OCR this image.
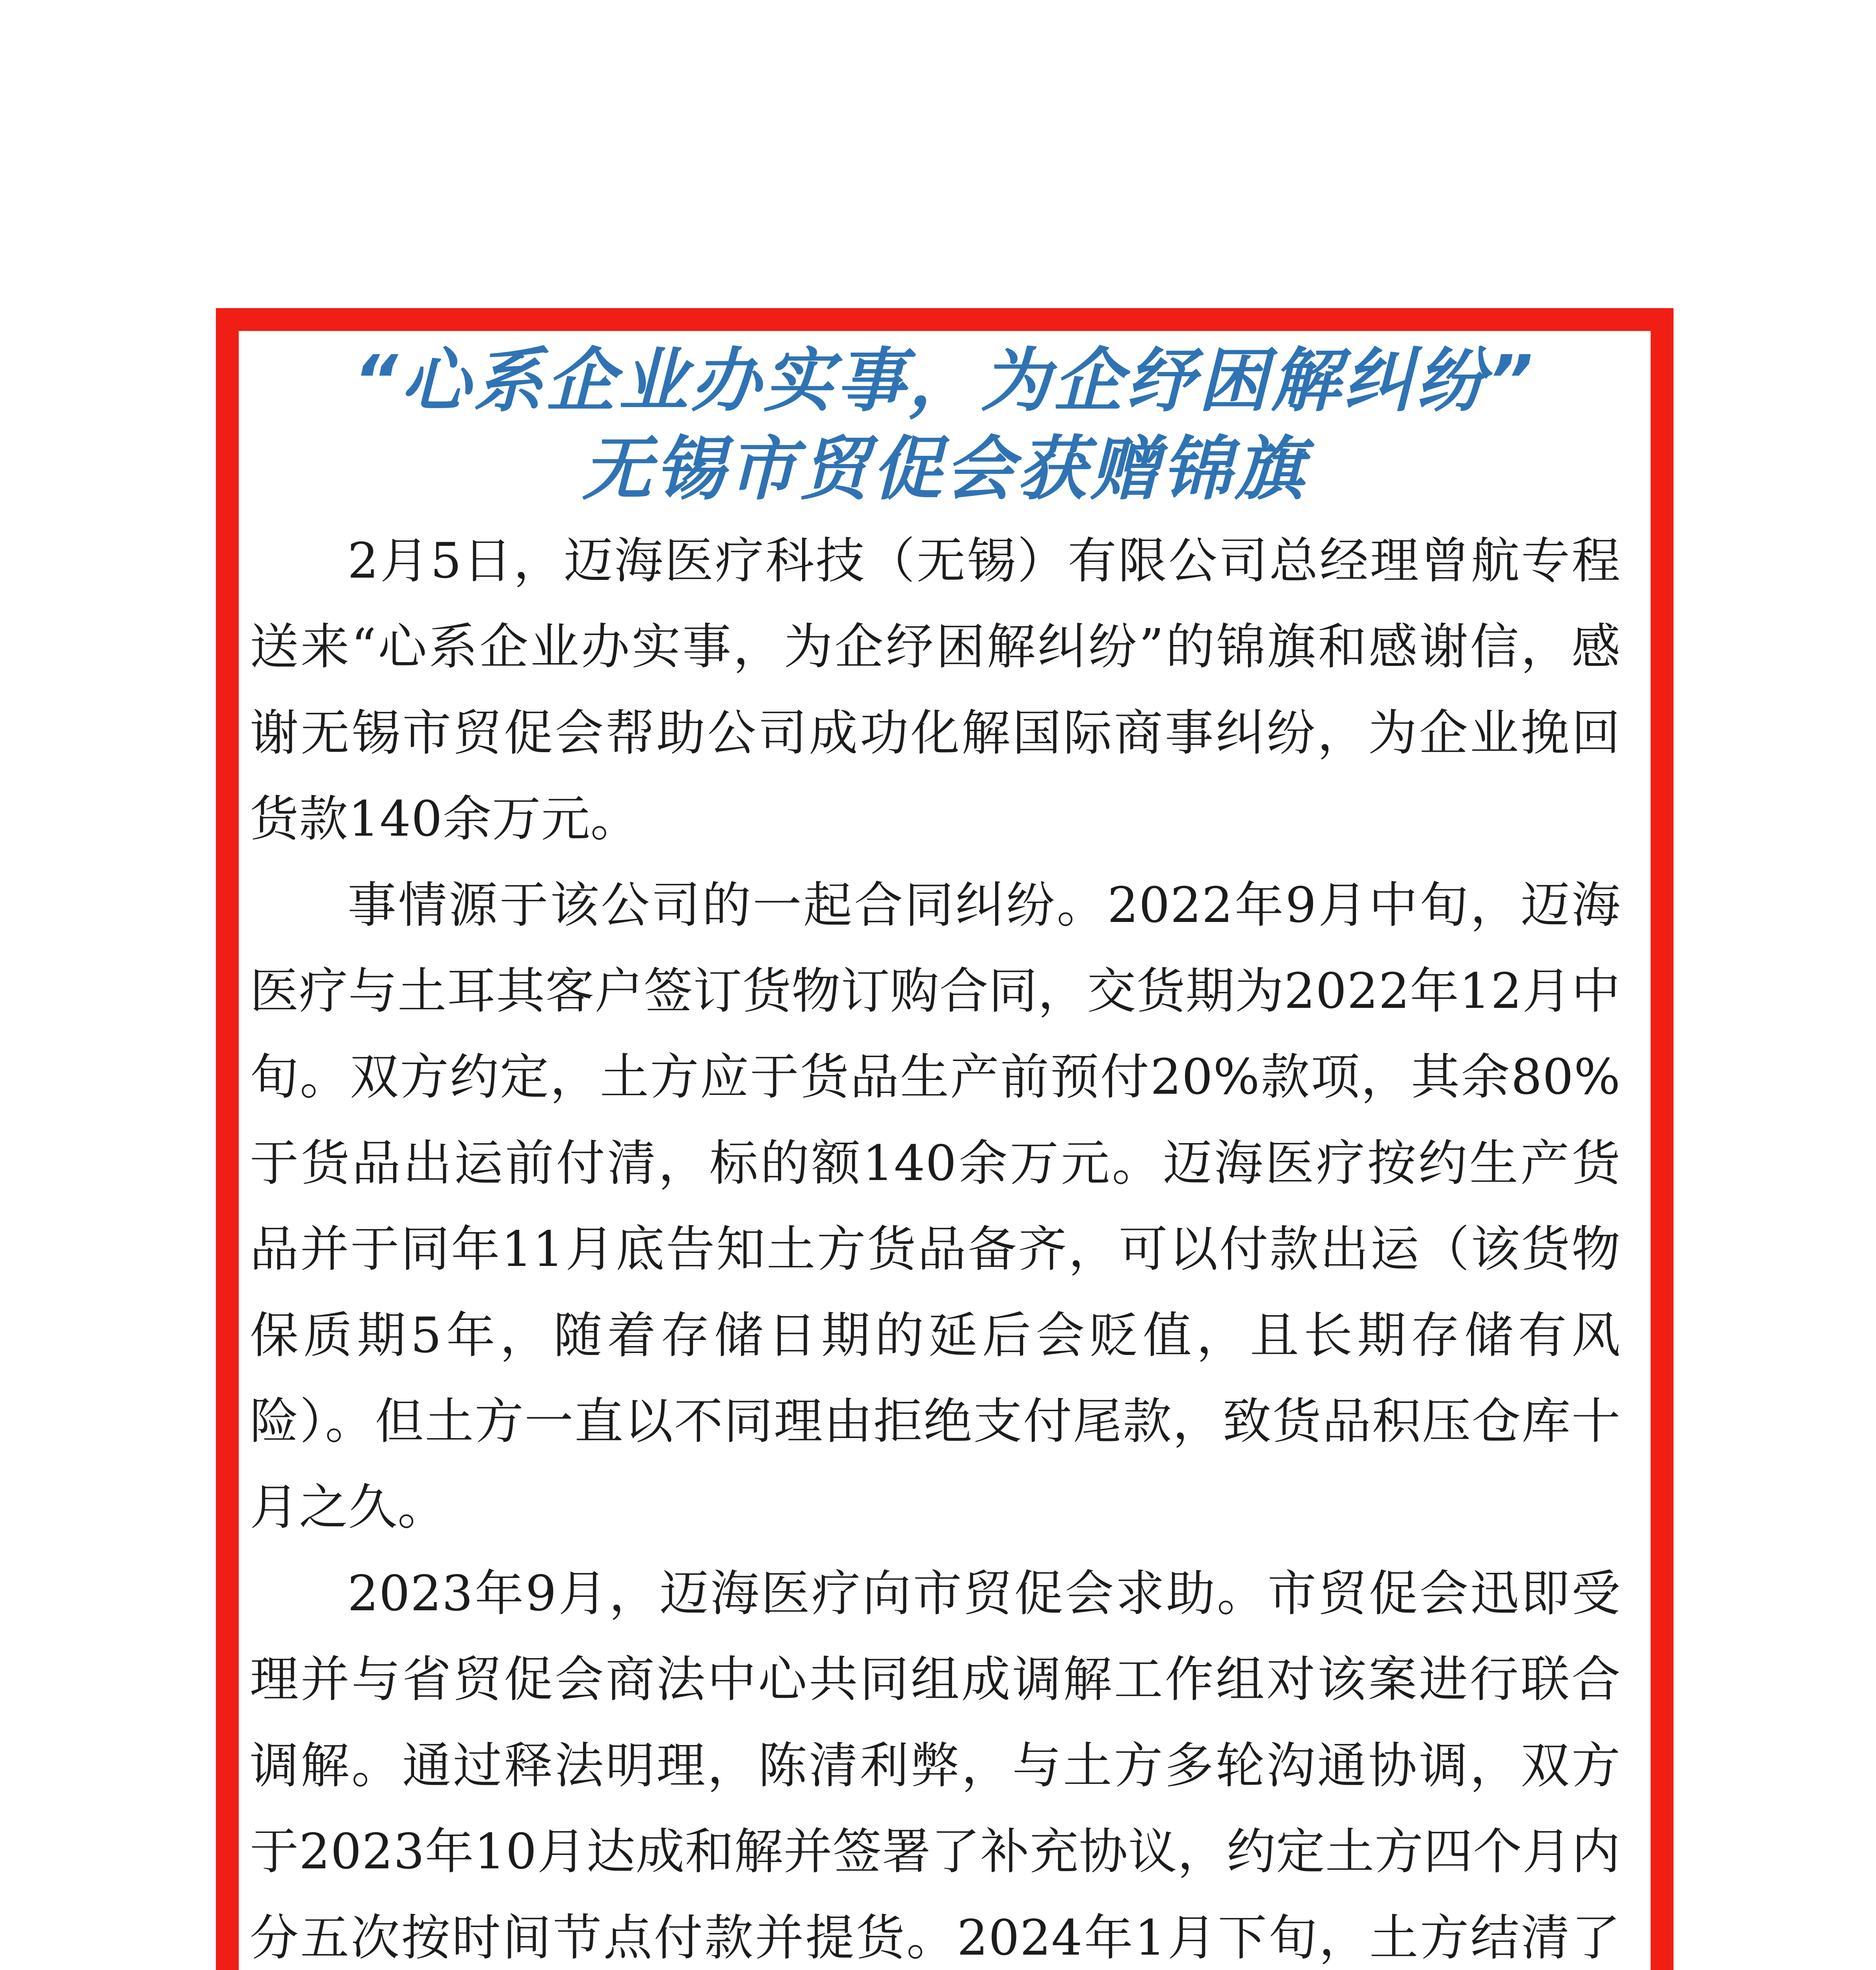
“心系企业办实事，为企纾困解纠纷”
无锡市贸促会获赠锦旗

2月5日，迈海医疗科技（无锡）有限公司总经理曾航专程送来“心系企业办实事，为企纾困解纠纷”的锦旗和感谢信，感谢无锡市贸促会帮助公司成功化解国际商事纠纷，为企业挽回货款140余万元。

事情源于该公司的一起合同纠纷。2022年9月中旬，迈海医疗与土耳其客户签订货物订购合同，交货期为2022年12月中旬。双方约定，土方应于货品生产前预付20%款项，其余80%于货品出运前付清，标的额140余万元。迈海医疗按约生产货品并于同年11月底告知土方货品备齐，可以付款出运（该货物保质期5年，随着存储日期的延后会贬值，且长期存储有风险）。但土方一直以不同理由拒绝支付尾款，致货品积压仓库十月之久。

2023年9月，迈海医疗向市贸促会求助。市贸促会迅即受理并与省贸促会商法中心共同组成调解工作组对该案进行联合调解。通过释法明理，陈清利弊，与土方多轮沟通协调，双方于2023年10月达成和解并签署了补充协议，约定土方四个月内分五次按时间节点付款并提货。2024年1月下旬，土方结清了
